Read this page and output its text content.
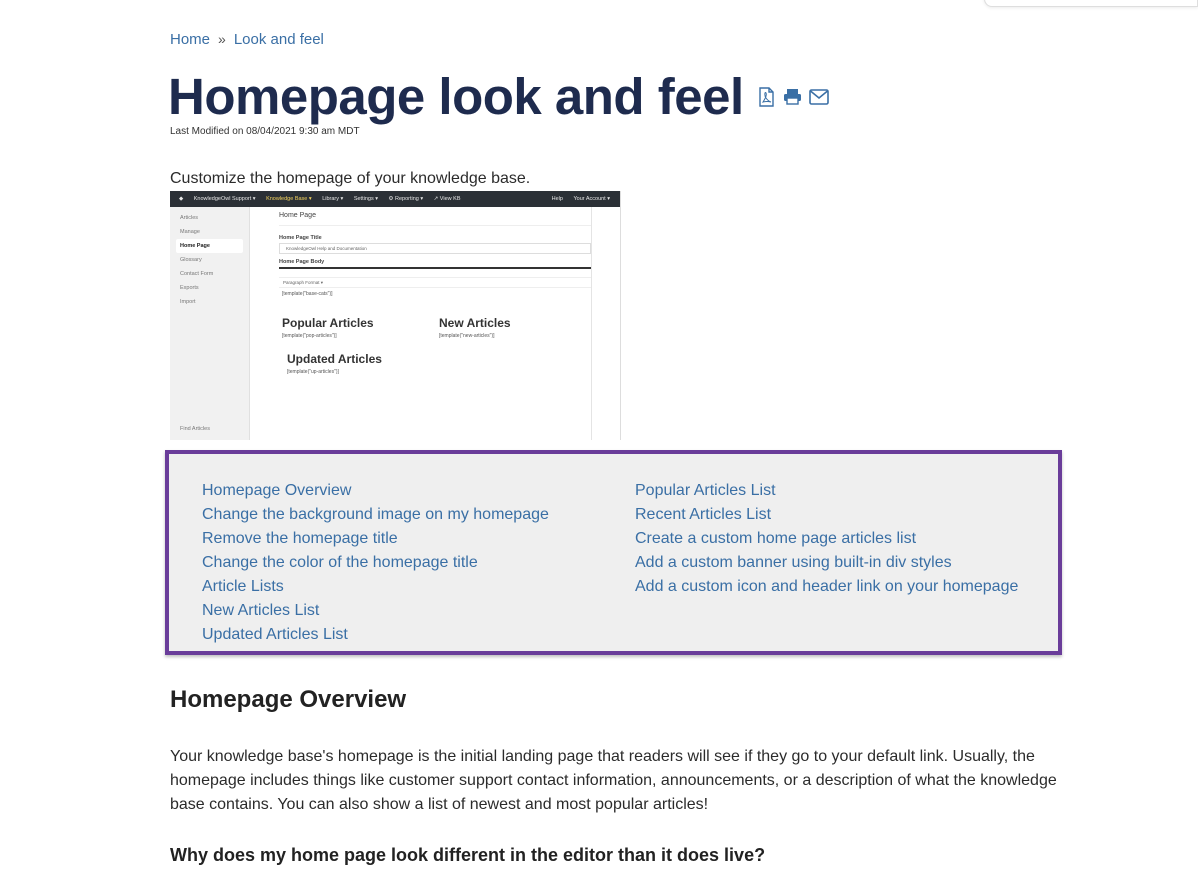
Home » Look and feel
Homepage look and feel
Last Modified on 08/04/2021 9:30 am MDT
Customize the homepage of your knowledge base.
◆ KnowledgeOwl Support ▾ Knowledge Base ▾ Library ▾ Settings ▾ ⚙ Reporting ▾ ↗ View KB	Help Your Account ▾
Articles
Manage
Home Page
Glossary
Contact Form
Exports
Import
Find Articles
Home Page
Home Page Title
KnowledgeOwl Help and Documentation
Home Page Body
Paragraph Format ▾
[template("base-cats")]
Popular Articles
[template("pop-articles")]
New Articles
[template("new-articles")]
Updated Articles
[template("up-articles")]
Homepage Overview
Change the background image on my homepage
Remove the homepage title
Change the color of the homepage title
Article Lists
New Articles List
Updated Articles List
Popular Articles List
Recent Articles List
Create a custom home page articles list
Add a custom banner using built-in div styles
Add a custom icon and header link on your homepage
Homepage Overview

Your knowledge base's homepage is the initial landing page that readers will see if they go to your default link. Usually, the homepage includes things like customer support contact information, announcements, or a description of what the knowledge base contains. You can also show a list of newest and most popular articles!

Why does my home page look different in the editor than it does live?
